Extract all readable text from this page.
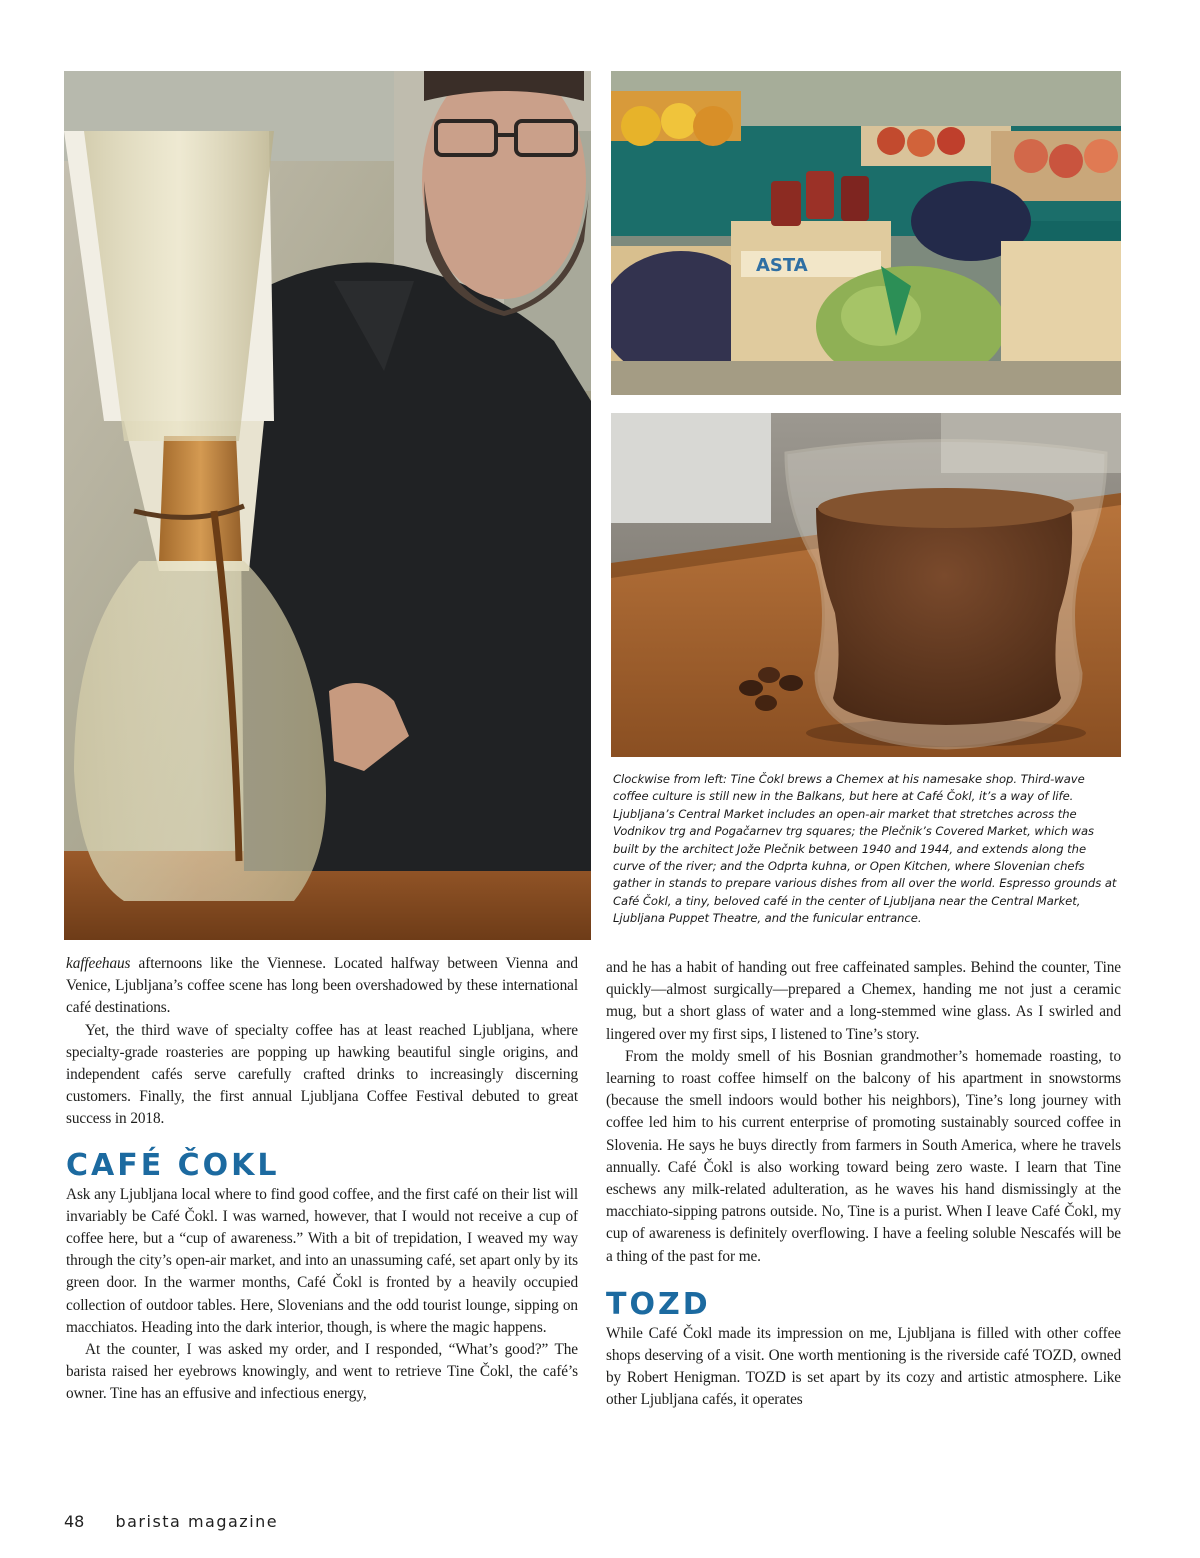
ASTA

Clockwise from left: Tine Čokl brews a Chemex at his namesake shop. Third-wave coffee culture is still new in the Balkans, but here at Café Čokl, it’s a way of life. Ljubljana’s Central Market includes an open-air market that stretches across the Vodnikov trg and Pogačarnev trg squares; the Plečnik’s Covered Market, which was built by the architect Jože Plečnik between 1940 and 1944, and extends along the curve of the river; and the Odprta kuhna, or Open Kitchen, where Slovenian chefs gather in stands to prepare various dishes from all over the world. Espresso grounds at Café Čokl, a tiny, beloved café in the center of Ljubljana near the Central Market, Ljubljana Puppet Theatre, and the funicular entrance.

kaffeehaus afternoons like the Viennese. Located halfway between Vienna and Venice, Ljubljana’s coffee scene has long been overshadowed by these international café destinations.

Yet, the third wave of specialty coffee has at least reached Ljubljana, where specialty-grade roasteries are popping up hawking beautiful single origins, and independent cafés serve carefully crafted drinks to increasingly discerning customers. Finally, the first annual Ljubljana Coffee Festival debuted to great success in 2018.

CAFÉ ČOKL

Ask any Ljubljana local where to find good coffee, and the first café on their list will invariably be Café Čokl. I was warned, however, that I would not receive a cup of coffee here, but a “cup of awareness.” With a bit of trepidation, I weaved my way through the city’s open-air market, and into an unassuming café, set apart only by its green door. In the warmer months, Café Čokl is fronted by a heavily occupied collection of outdoor tables. Here, Slovenians and the odd tourist lounge, sipping on macchiatos. Heading into the dark interior, though, is where the magic happens.

At the counter, I was asked my order, and I responded, “What’s good?” The barista raised her eyebrows knowingly, and went to retrieve Tine Čokl, the café’s owner. Tine has an effusive and infectious energy,

and he has a habit of handing out free caffeinated samples. Behind the counter, Tine quickly—almost surgically—prepared a Chemex, handing me not just a ceramic mug, but a short glass of water and a long-stemmed wine glass. As I swirled and lingered over my first sips, I listened to Tine’s story.

From the moldy smell of his Bosnian grandmother’s homemade roasting, to learning to roast coffee himself on the balcony of his apartment in snowstorms (because the smell indoors would bother his neighbors), Tine’s long journey with coffee led him to his current enterprise of promoting sustainably sourced coffee in Slovenia. He says he buys directly from farmers in South America, where he travels annually. Café Čokl is also working toward being zero waste. I learn that Tine eschews any milk-related adulteration, as he waves his hand dismissingly at the macchiato-sipping patrons outside. No, Tine is a purist. When I leave Café Čokl, my cup of awareness is definitely overflowing. I have a feeling soluble Nescafés will be a thing of the past for me.

TOZD

While Café Čokl made its impression on me, Ljubljana is filled with other coffee shops deserving of a visit. One worth mentioning is the riverside café TOZD, owned by Robert Henigman. TOZD is set apart by its cozy and artistic atmosphere. Like other Ljubljana cafés, it operates

48 barista magazine
